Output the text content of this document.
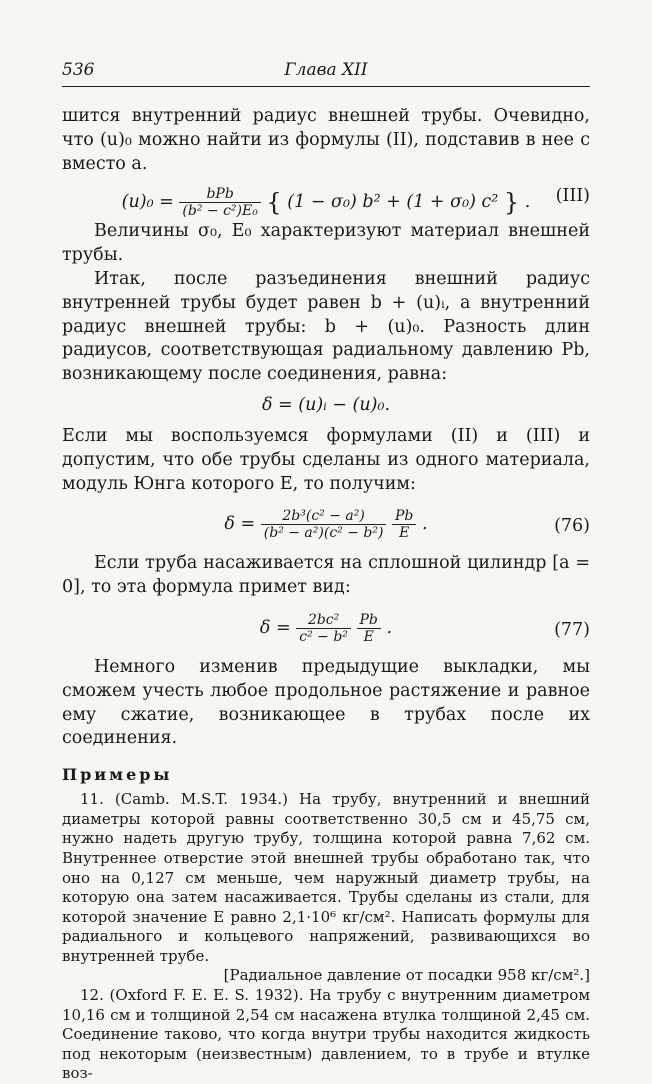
536	Глава XII

шится внутренний радиус внешней трубы. Очевидно, что (u)₀ можно найти из формулы (II), подставив в нее c вместо a.

$(u)_0 = \frac{\text{bPb}}{\text{(b² − c²)E₀}}$ { (1 − σ₀) b² + (1 + σ₀) c² } .	(III)

Величины σ₀, E₀ характеризуют материал внешней трубы.

Итак, после разъединения внешний радиус внутренней трубы будет равен b + (u)ᵢ, а внутренний радиус внешней трубы: b + (u)₀. Разность длин радиусов, соответствующая радиальному давлению Pb, возникающему после соединения, равна:

δ = (u)ᵢ − (u)₀.

Если мы воспользуемся формулами (II) и (III) и допустим, что обе трубы сделаны из одного материала, модуль Юнга которого E, то получим:

$\delta = \frac{\text{2b³(c² − a²)}}{\text{(b² − a²)(c² − b²)}}$
$\frac{Pb}{E}$ .	(76)

Если труба насаживается на сплошной цилиндр [a = 0], то эта формула примет вид:

$\delta = \frac{\text{2bc²}}{\text{c² − b²}}$
$\frac{Pb}{E}$ .	(77)

Немного изменив предыдущие выкладки, мы сможем учесть любое продольное растяжение и равное ему сжатие, возникающее в трубах после их соединения.

Примеры

11. (Camb. M.S.T. 1934.) На трубу, внутренний и внешний диаметры которой равны соответственно 30,5 см и 45,75 см, нужно надеть другую трубу, толщина которой равна 7,62 см. Внутреннее отверстие этой внешней трубы обработано так, что оно на 0,127 см меньше, чем наружный диаметр трубы, на которую она затем насаживается. Трубы сделаны из стали, для которой значение E равно 2,1·10⁶ кг/см². Написать формулы для радиального и кольцевого напряжений, развивающихся во внутренней трубе.

[Радиальное давление от посадки 958 кг/см².]

12. (Oxford F. E. E. S. 1932). На трубу с внутренним диаметром 10,16 см и толщиной 2,54 см насажена втулка толщиной 2,45 см. Соединение таково, что когда внутри трубы находится жидкость под некоторым (неизвестным) давлением, то в трубе и втулке воз-
